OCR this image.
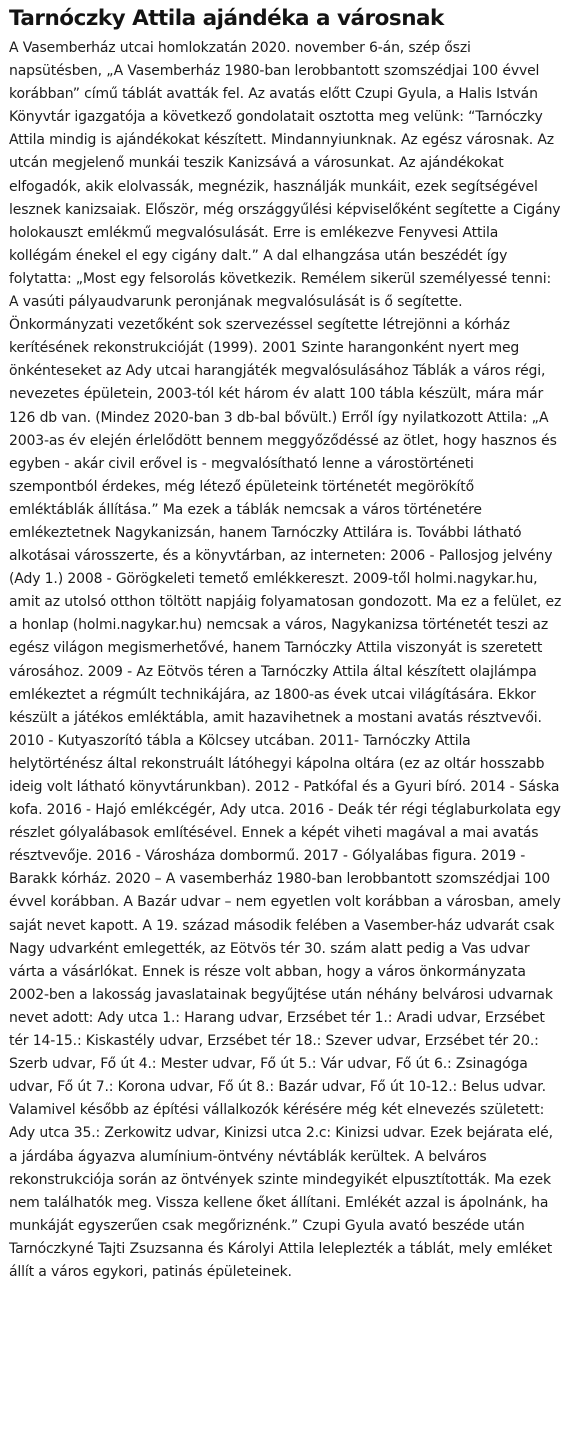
Tarnóczky Attila ajándéka a városnak

A Vasemberház utcai homlokzatán 2020. november 6-án, szép őszi napsütésben, „A Vasemberház 1980-ban lerobbantott szomszédjai 100 évvel korábban” című táblát avatták fel. Az avatás előtt Czupi Gyula, a Halis István Könyvtár igazgatója a következő gondolatait osztotta meg velünk: “Tarnóczky Attila mindig is ajándékokat készített. Mindannyiunknak. Az egész városnak. Az utcán megjelenő munkái teszik Kanizsává a városunkat. Az ajándékokat elfogadók, akik elolvassák, megnézik, használják munkáit, ezek segítségével lesznek kanizsaiak. Először, még országgyűlési képviselőként segítette a Cigány holokauszt emlékmű megvalósulását. Erre is emlékezve Fenyvesi Attila kollégám énekel el egy cigány dalt.” A dal elhangzása után beszédét így folytatta: „Most egy felsorolás következik. Remélem sikerül személyessé tenni: A vasúti pályaudvarunk peronjának megvalósulását is ő segítette. Önkormányzati vezetőként sok szervezéssel segítette létrejönni a kórház kerítésének rekonstrukcióját (1999). 2001 Szinte harangonként nyert meg önkénteseket az Ady utcai harangjáték megvalósulásához Táblák a város régi, nevezetes épületein, 2003-tól két három év alatt 100 tábla készült, mára már 126 db van. (Mindez 2020-ban 3 db-bal bővült.) Erről így nyilatkozott Attila: „A 2003-as év elején érlelődött bennem meggyőződéssé az ötlet, hogy hasznos és egyben - akár civil erővel is - megvalósítható lenne a várostörténeti szempontból érdekes, még létező épületeink történetét megörökítő emléktáblák állítása.” Ma ezek a táblák nemcsak a város történetére emlékeztetnek Nagykanizsán, hanem Tarnóczky Attilára is. További látható alkotásai városszerte, és a könyvtárban, az interneten: 2006 - Pallosjog jelvény (Ady 1.) 2008 - Görögkeleti temető emlékkereszt. 2009-től holmi.nagykar.hu, amit az utolsó otthon töltött napjáig folyamatosan gondozott. Ma ez a felület, ez a honlap (holmi.nagykar.hu) nemcsak a város, Nagykanizsa történetét teszi az egész világon megismerhetővé, hanem Tarnóczky Attila viszonyát is szeretett városához. 2009 - Az Eötvös téren a Tarnóczky Attila által készített olajlámpa emlékeztet a régmúlt technikájára, az 1800-as évek utcai világítására. Ekkor készült a játékos emléktábla, amit hazavihetnek a mostani avatás résztvevői. 2010 - Kutyaszorító tábla a Kölcsey utcában. 2011- Tarnóczky Attila helytörténész által rekonstruált látóhegyi kápolna oltára (ez az oltár hosszabb ideig volt látható könyvtárunkban). 2012 - Patkófal és a Gyuri bíró. 2014 - Sáska kofa. 2016 - Hajó emlékcégér, Ady utca. 2016 - Deák tér régi téglaburkolata egy részlet gólyalábasok említésével. Ennek a képét viheti magával a mai avatás résztvevője. 2016 - Városháza dombormű. 2017 - Gólyalábas figura. 2019 - Barakk kórház. 2020 – A vasemberház 1980-ban lerobbantott szomszédjai 100 évvel korábban. A Bazár udvar – nem egyetlen volt korábban a városban, amely saját nevet kapott. A 19. század második felében a Vasember-ház udvarát csak Nagy udvarként emlegették, az Eötvös tér 30. szám alatt pedig a Vas udvar várta a vásárlókat. Ennek is része volt abban, hogy a város önkormányzata 2002-ben a lakosság javaslatainak begyűjtése után néhány belvárosi udvarnak nevet adott: Ady utca 1.: Harang udvar, Erzsébet tér 1.: Aradi udvar, Erzsébet tér 14-15.: Kiskastély udvar, Erzsébet tér 18.: Szever udvar, Erzsébet tér 20.: Szerb udvar, Fő út 4.: Mester udvar, Fő út 5.: Vár udvar, Fő út 6.: Zsinagóga udvar, Fő út 7.: Korona udvar, Fő út 8.: Bazár udvar, Fő út 10-12.: Belus udvar. Valamivel később az építési vállalkozók kérésére még két elnevezés született: Ady utca 35.: Zerkowitz udvar, Kinizsi utca 2.c: Kinizsi udvar. Ezek bejárata elé, a járdába ágyazva alumínium-öntvény névtáblák kerültek. A belváros rekonstrukciója során az öntvények szinte mindegyikét elpusztították. Ma ezek nem találhatók meg. Vissza kellene őket állítani. Emlékét azzal is ápolnánk, ha munkáját egyszerűen csak megőriznénk.” Czupi Gyula avató beszéde után Tarnóczkyné Tajti Zsuzsanna és Károlyi Attila leleplezték a táblát, mely emléket állít a város egykori, patinás épületeinek.
